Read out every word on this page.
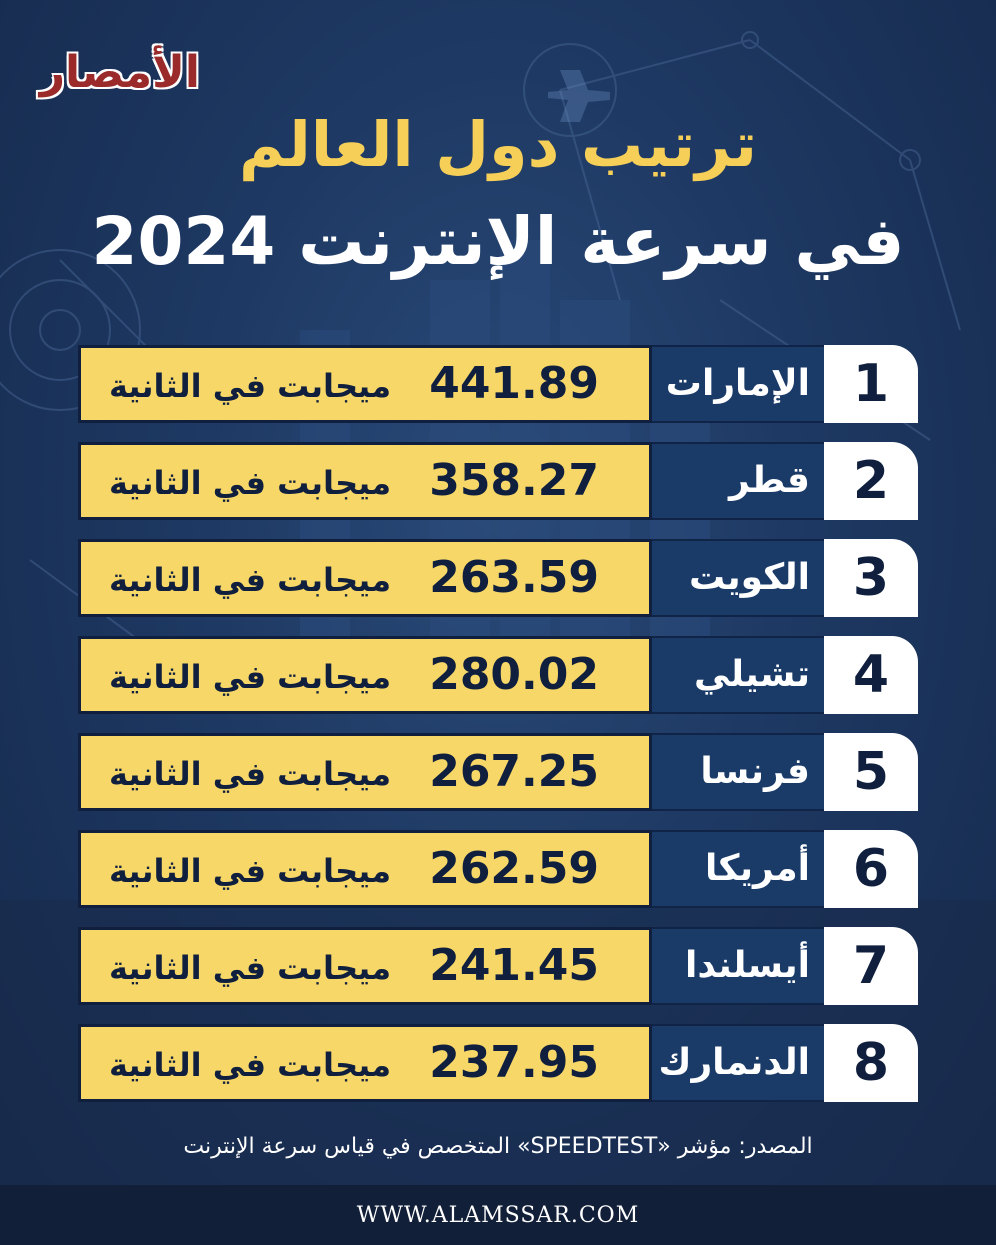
الأمصار
ترتيب دول العالم
في سرعة الإنترنت 2024
1
الإمارات
441.89
ميجابت في الثانية
2
قطر
358.27
ميجابت في الثانية
3
الكويت
263.59
ميجابت في الثانية
4
تشيلي
280.02
ميجابت في الثانية
5
فرنسا
267.25
ميجابت في الثانية
6
أمريكا
262.59
ميجابت في الثانية
7
أيسلندا
241.45
ميجابت في الثانية
8
الدنمارك
237.95
ميجابت في الثانية
المصدر: مؤشر «SPEEDTEST» المتخصص في قياس سرعة الإنترنت
WWW.ALAMSSAR.COM
